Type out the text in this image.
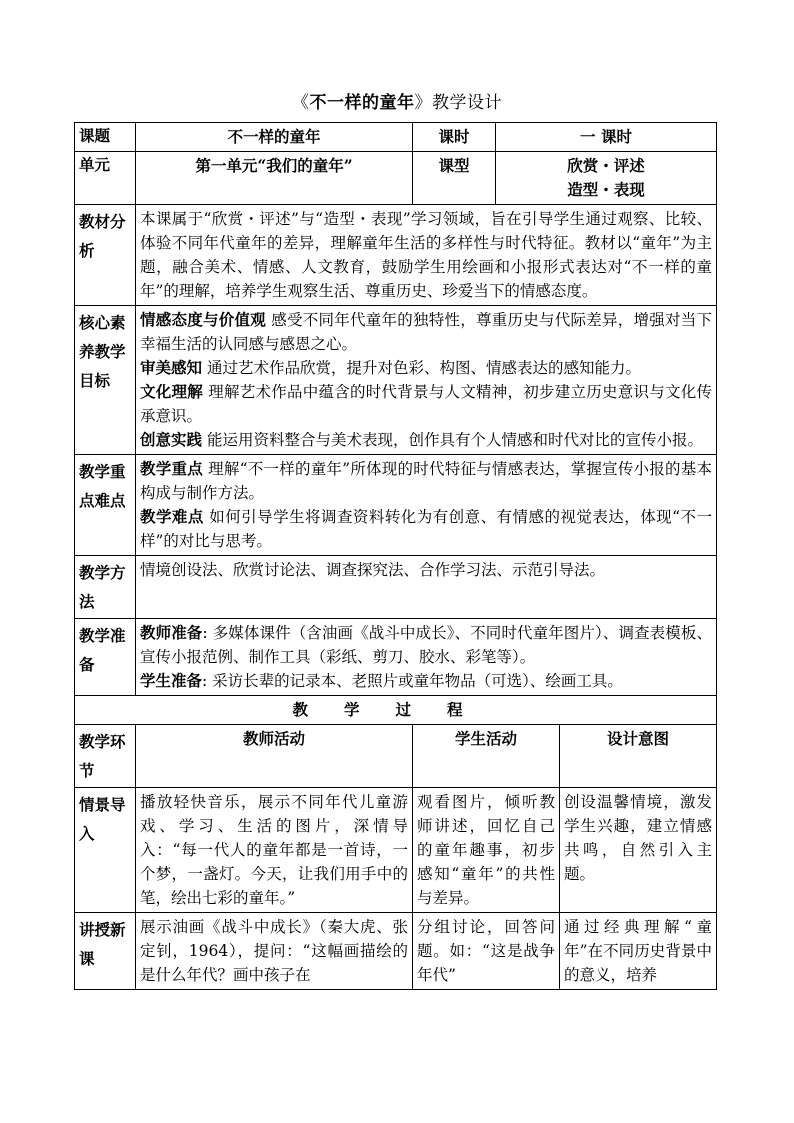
《不一样的童年》教学设计
课题	不一样的童年	课时	一 课时	
单元	第一单元“我们的童年”	课型	欣赏・评述
造型・表现	

教材分析	本课属于“欣赏・评述”与“造型・表现”学习领域，旨在引导学生通过观察、比较、体验不同年代童年的差异，理解童年生活的多样性与时代特征。教材以“童年”为主题，融合美术、情感、人文教育，鼓励学生用绘画和小报形式表达对“不一样的童年”的理解，培养学生观察生活、尊重历史、珍爱当下的情感态度。			
核心素养教学目标	情感态度与价值观 感受不同年代童年的独特性，尊重历史与代际差异，增强对当下幸福生活的认同感与感恩之心。
审美感知 通过艺术作品欣赏，提升对色彩、构图、情感表达的感知能力。
文化理解 理解艺术作品中蕴含的时代背景与人文精神，初步建立历史意识与文化传承意识。
创意实践 能运用资料整合与美术表现，创作具有个人情感和时代对比的宣传小报。			

教学重点难点	教学重点 理解“不一样的童年”所体现的时代特征与情感表达，掌握宣传小报的基本构成与制作方法。
教学难点 如何引导学生将调查资料转化为有创意、有情感的视觉表达，体现“不一样”的对比与思考。			

教学方法	情境创设法、欣赏讨论法、调查探究法、合作学习法、示范引导法。			
教学准备	教师准备: 多媒体课件（含油画《战斗中成长》、不同时代童年图片）、调查表模板、宣传小报范例、制作工具（彩纸、剪刀、胶水、彩笔等）。
学生准备: 采访长辈的记录本、老照片或童年物品（可选）、绘画工具。			

教学过程				
教学环节	教师活动	学生活动		设计意图
情景导入	播放轻快音乐，展示不同年代儿童游戏、学习、生活的图片，深情导入：“每一代人的童年都是一首诗，一个梦，一盏灯。今天，让我们用手中的笔，绘出七彩的童年。”	观看图片，倾听教师讲述，回忆自己的童年趣事，初步感知“童年”的共性与差异。		创设温馨情境，激发学生兴趣，建立情感共鸣，自然引入主题。
讲授新课	展示油画《战斗中成长》（秦大虎、张定钊，1964），提问：“这幅画描绘的是什么年代？画中孩子在	分组讨论，回答问题。如：“这是战争年代”		通过经典理解“童年”在不同历史背景中的意义，培养
